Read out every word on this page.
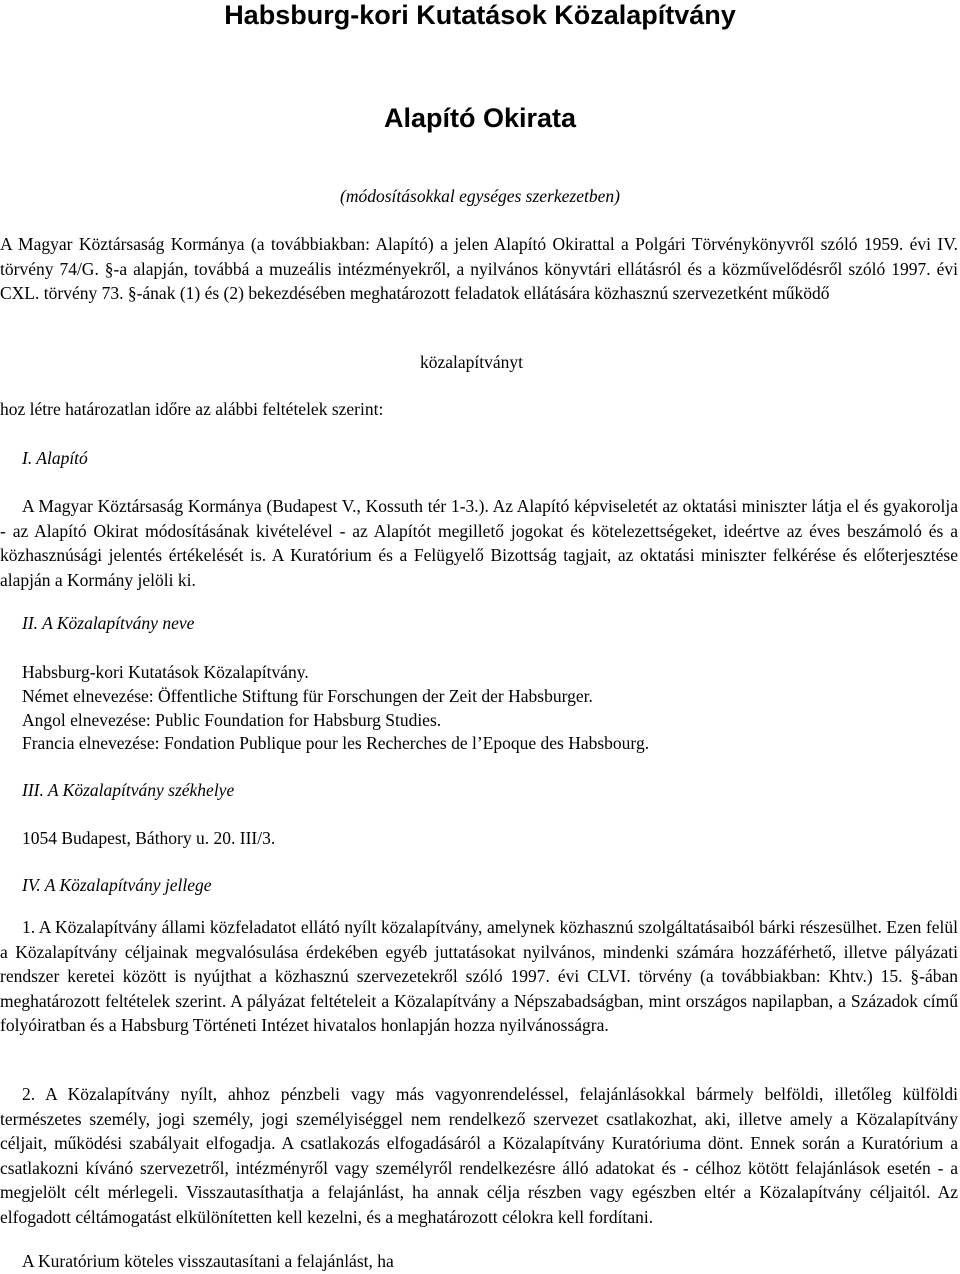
Habsburg-kori Kutatások Közalapítvány
Alapító Okirata
(módosításokkal egységes szerkezetben)

A Magyar Köztársaság Kormánya (a továbbiakban: Alapító) a jelen Alapító Okirattal a Polgári Törvénykönyvről szóló 1959. évi IV. törvény 74/G. §-a alapján, továbbá a muzeális intézményekről, a nyilvános könyvtári ellátásról és a közművelődésről szóló 1997. évi CXL. törvény 73. §-ának (1) és (2) bekezdésében meghatározott feladatok ellátására közhasznú szervezetként működő

közalapítványt

hoz létre határozatlan időre az alábbi feltételek szerint:

I. Alapító

A Magyar Köztársaság Kormánya (Budapest V., Kossuth tér 1-3.). Az Alapító képviseletét az oktatási miniszter látja el és gyakorolja - az Alapító Okirat módosításának kivételével - az Alapítót megillető jogokat és kötelezettségeket, ideértve az éves beszámoló és a közhasznúsági jelentés értékelését is. A Kuratórium és a Felügyelő Bizottság tagjait, az oktatási miniszter felkérése és előterjesztése alapján a Kormány jelöli ki.

II. A Közalapítvány neve

Habsburg-kori Kutatások Közalapítvány.

Német elnevezése: Öffentliche Stiftung für Forschungen der Zeit der Habsburger.

Angol elnevezése: Public Foundation for Habsburg Studies.

Francia elnevezése: Fondation Publique pour les Recherches de l’Epoque des Habsbourg.

III. A Közalapítvány székhelye

1054 Budapest, Báthory u. 20. III/3.

IV. A Közalapítvány jellege

1. A Közalapítvány állami közfeladatot ellátó nyílt közalapítvány, amelynek közhasznú szolgáltatásaiból bárki részesülhet. Ezen felül a Közalapítvány céljainak megvalósulása érdekében egyéb juttatásokat nyilvános, mindenki számára hozzáférhető, illetve pályázati rendszer keretei között is nyújthat a közhasznú szervezetekről szóló 1997. évi CLVI. törvény (a továbbiakban: Khtv.) 15. §-ában meghatározott feltételek szerint. A pályázat feltételeit a Közalapítvány a Népszabadságban, mint országos napilapban, a Századok című folyóiratban és a Habsburg Történeti Intézet hivatalos honlapján hozza nyilvánosságra.

2. A Közalapítvány nyílt, ahhoz pénzbeli vagy más vagyonrendeléssel, felajánlásokkal bármely belföldi, illetőleg külföldi természetes személy, jogi személy, jogi személyiséggel nem rendelkező szervezet csatlakozhat, aki, illetve amely a Közalapítvány céljait, működési szabályait elfogadja. A csatlakozás elfogadásáról a Közalapítvány Kuratóriuma dönt. Ennek során a Kuratórium a csatlakozni kívánó szervezetről, intézményről vagy személyről rendelkezésre álló adatokat és - célhoz kötött felajánlások esetén - a megjelölt célt mérlegeli. Visszautasíthatja a felajánlást, ha annak célja részben vagy egészben eltér a Közalapítvány céljaitól. Az elfogadott céltámogatást elkülönítetten kell kezelni, és a meghatározott célokra kell fordítani.

A Kuratórium köteles visszautasítani a felajánlást, ha
